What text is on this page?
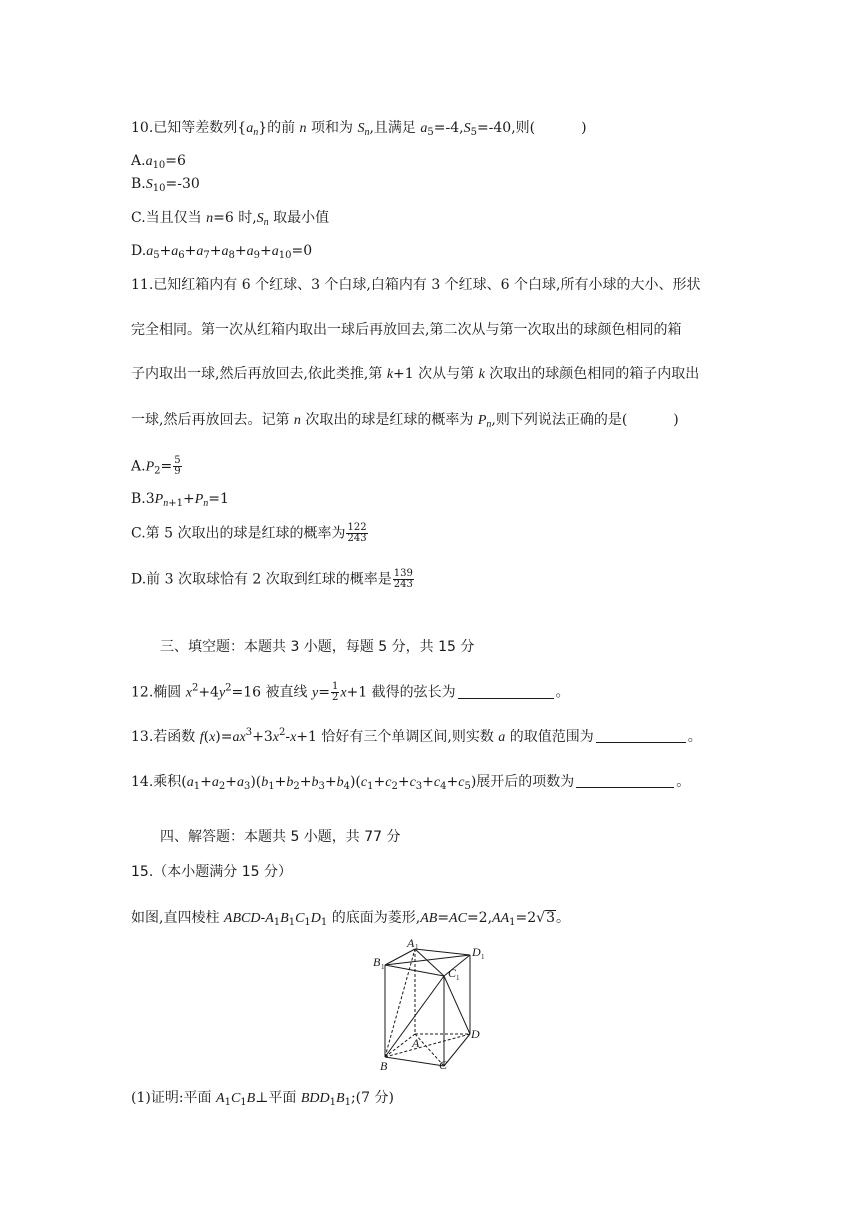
10.已知等差数列$\{a_n\}$的前 n 项和为 $S_n$,且满足 $a_5=-4,S_5=-40$,则(	)
$A.a_{10}=6$
$B.S_{10}=-30$
C.当且仅当 n=6 时$,S_n$ 取最小值
$D.a_5+a_6+a_7+a_8+a_9+a_{10}=0$
11.已知红箱内有 6 个红球、3 个白球,白箱内有 3 个红球、6 个白球,所有小球的大小、形状
完全相同。第一次从红箱内取出一球后再放回去,第二次从与第一次取出的球颜色相同的箱
子内取出一球,然后再放回去,依此类推,第 k+1 次从与第 k 次取出的球颜色相同的箱子内取出
一球,然后再放回去。记第 n 次取出的球是红球的概率为 $P_n$,则下列说法正确的是(	)
$A.P_2= \frac{5}{9}$
$B.3P_{n+1}+P_n=1$
C.第 5 次取出的球是红球的概率为 $\frac{122}{243}$
D.前 3 次取球恰有 2 次取到红球的概率是 $\frac{139}{243}$
三、填空题：本题共 3 小题，每题 5 分，共 15 分
12.椭圆 $x^2+4y^2=16$ 被直线 $y= \frac{1}{2} x+1$ 截得的弦长为	。
13.若函数 $f(x)=ax^3+3x^2-x+1$ 恰好有三个单调区间,则实数 a 的取值范围为	。
14.乘积$(a_1+a_2+a_3)(b_1+b_2+b_3+b_4)(c_1+c_2+c_3+c_4+c_5)$展开后的项数为	。
四、解答题：本题共 5 小题，共 77 分
15.（本小题满分 15 分）
如图,直四棱柱 ABCD-$A_1B_1C_1D_1$ 的底面为菱形$,AB=AC=2,AA_1=2√3$。
A 1
B 1	C 1
D 1
A
B	C
D
(1)证明:平面 $A_1C_1B\perp$平面 $BDD_1B_1;(7$ 分)
